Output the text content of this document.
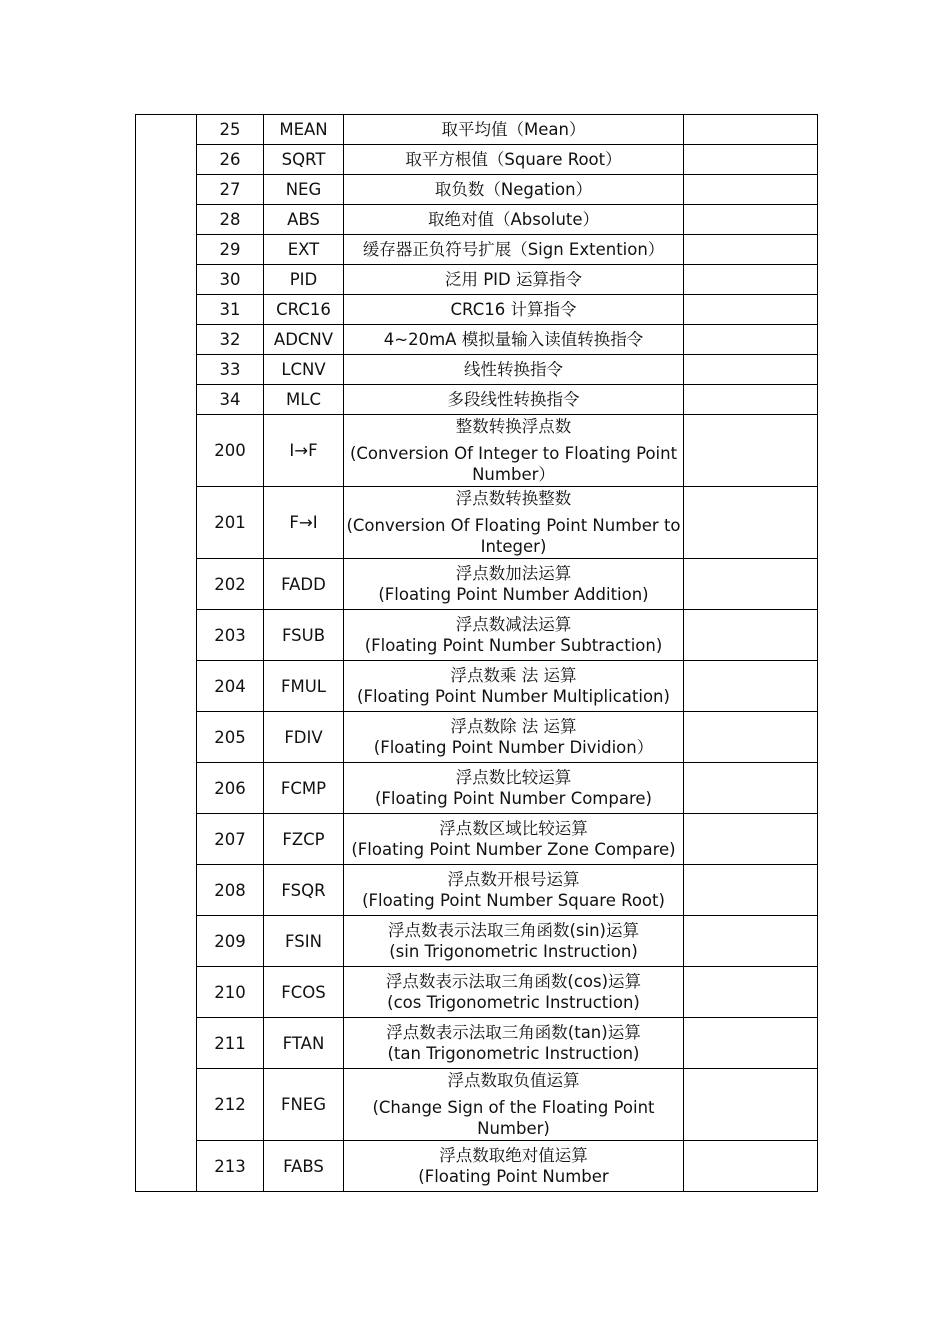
	25	MEAN	取平均值（Mean）	

	26	SQRT	取平方根值（Square Root）	

	27	NEG	取负数（Negation）	

	28	ABS	取绝对值（Absolute）	

	29	EXT	缓存器正负符号扩展（Sign Extention）	

	30	PID	泛用 PID 运算指令	

	31	CRC16	CRC16 计算指令	

	32	ADCNV	4~20mA 模拟量输入读值转换指令	

	33	LCNV	线性转换指令	

	34	MLC	多段线性转换指令	

	200	I→F	整数转换浮点数
(Conversion Of Integer to Floating Point Number）	

	201	F→I	浮点数转换整数
(Conversion Of Floating Point Number to Integer)	

	202	FADD	浮点数加法运算
(Floating Point Number Addition)	

	203	FSUB	浮点数减法运算
(Floating Point Number Subtraction)	

	204	FMUL	浮点数乘 法 运算
(Floating Point Number Multiplication)	

	205	FDIV	浮点数除 法 运算
(Floating Point Number Dividion）	

	206	FCMP	浮点数比较运算
(Floating Point Number Compare)	

	207	FZCP	浮点数区域比较运算
(Floating Point Number Zone Compare)	

	208	FSQR	浮点数开根号运算
(Floating Point Number Square Root)	

	209	FSIN	浮点数表示法取三角函数(sin)运算
(sin Trigonometric Instruction)	

	210	FCOS	浮点数表示法取三角函数(cos)运算
(cos Trigonometric Instruction)	

	211	FTAN	浮点数表示法取三角函数(tan)运算
(tan Trigonometric Instruction)	

	212	FNEG	浮点数取负值运算
(Change Sign of the Floating Point Number)	

	213	FABS	浮点数取绝对值运算
(Floating Point Number	
